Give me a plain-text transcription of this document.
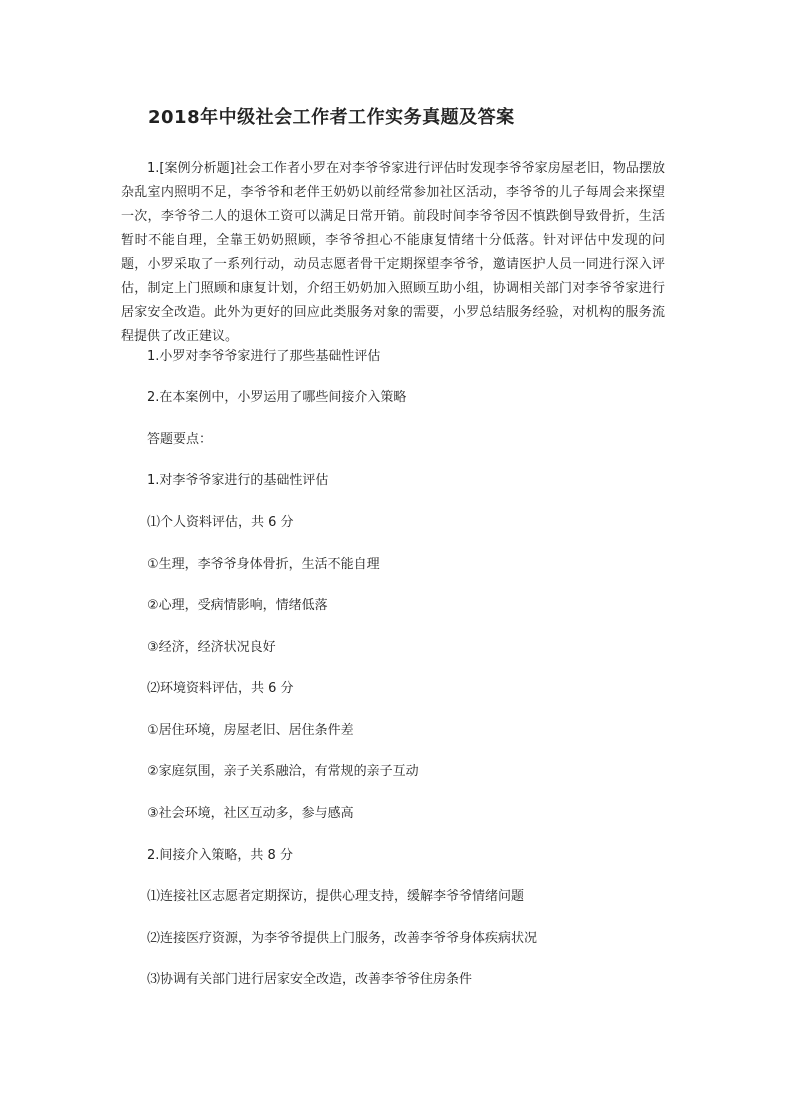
2018年中级社会工作者工作实务真题及答案

1.[案例分析题]社会工作者小罗在对李爷爷家进行评估时发现李爷爷家房屋老旧，物品摆放杂乱室内照明不足，李爷爷和老伴王奶奶以前经常参加社区活动，李爷爷的儿子每周会来探望一次，李爷爷二人的退休工资可以满足日常开销。前段时间李爷爷因不慎跌倒导致骨折，生活暂时不能自理，全靠王奶奶照顾，李爷爷担心不能康复情绪十分低落。针对评估中发现的问题，小罗采取了一系列行动，动员志愿者骨干定期探望李爷爷，邀请医护人员一同进行深入评估，制定上门照顾和康复计划，介绍王奶奶加入照顾互助小组，协调相关部门对李爷爷家进行居家安全改造。此外为更好的回应此类服务对象的需要，小罗总结服务经验，对机构的服务流程提供了改正建议。

1.小罗对李爷爷家进行了那些基础性评估

2.在本案例中，小罗运用了哪些间接介入策略

答题要点：

1.对李爷爷家进行的基础性评估

⑴个人资料评估，共 6 分

①生理，李爷爷身体骨折，生活不能自理

②心理，受病情影响，情绪低落

③经济，经济状况良好

⑵环境资料评估，共 6 分

①居住环境，房屋老旧、居住条件差

②家庭氛围，亲子关系融洽，有常规的亲子互动

③社会环境，社区互动多，参与感高

2.间接介入策略，共 8 分

⑴连接社区志愿者定期探访，提供心理支持，缓解李爷爷情绪问题

⑵连接医疗资源，为李爷爷提供上门服务，改善李爷爷身体疾病状况

⑶协调有关部门进行居家安全改造，改善李爷爷住房条件
